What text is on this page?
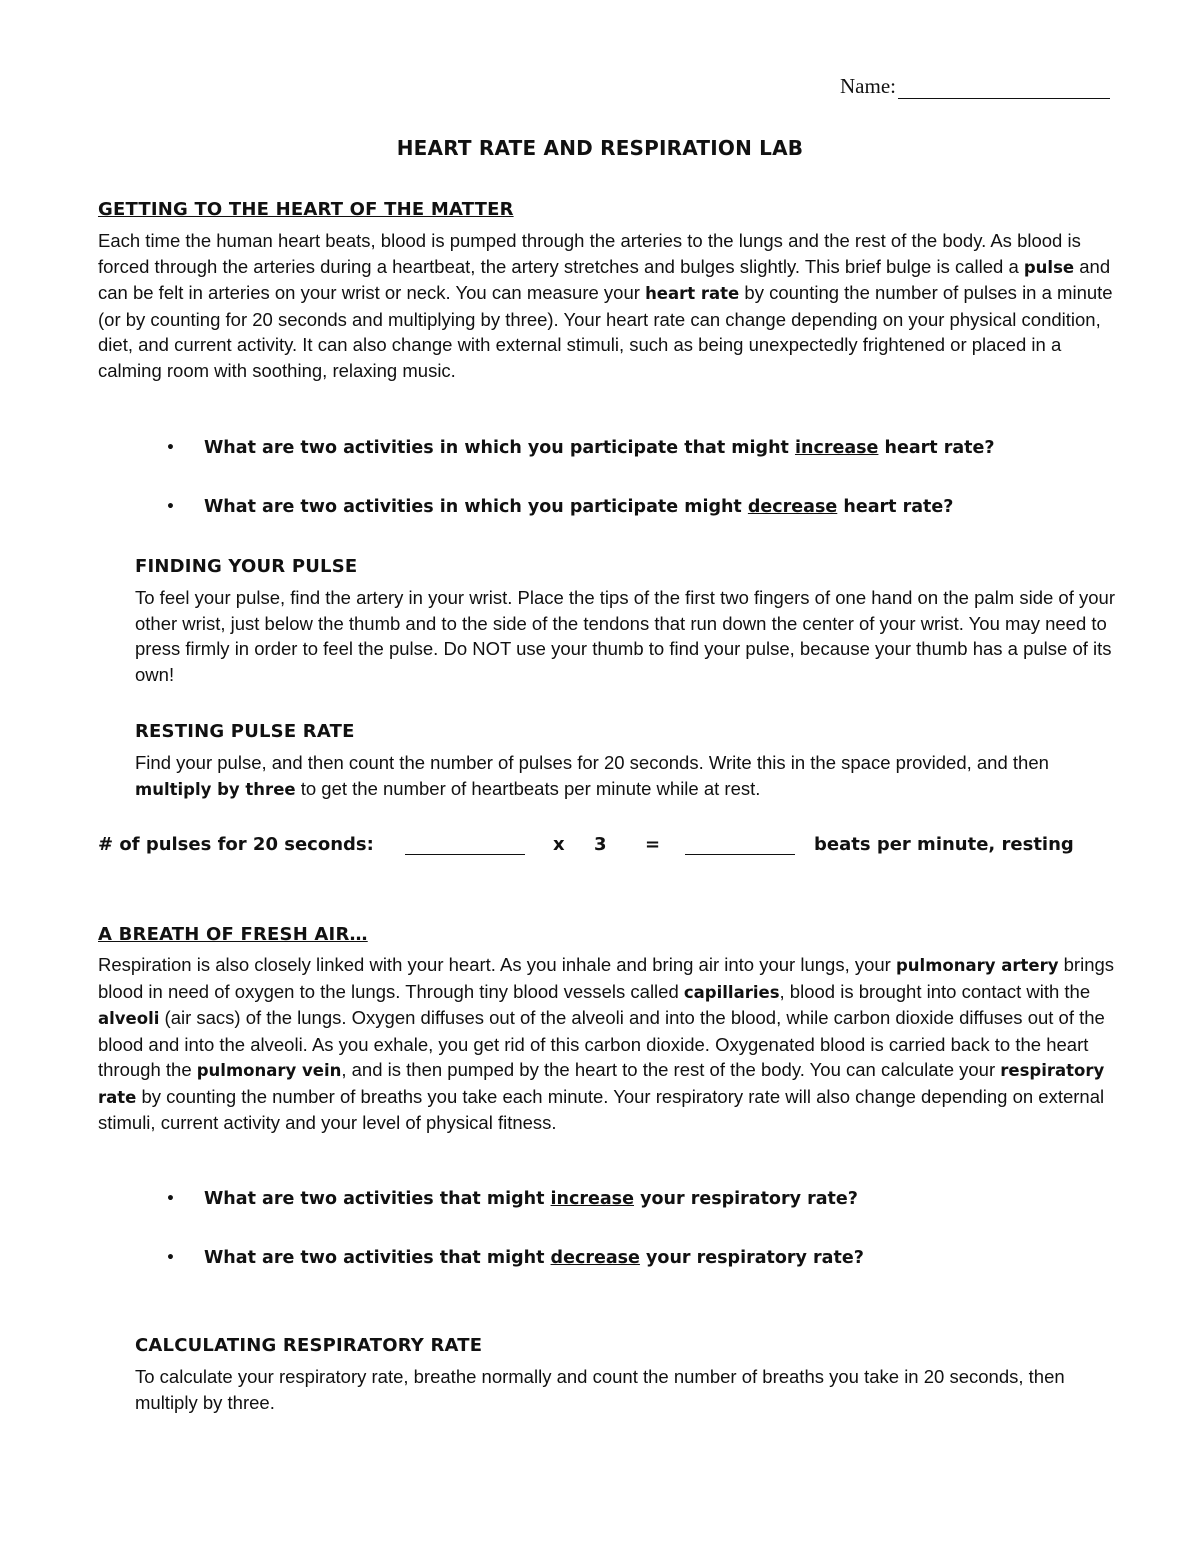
Name:
HEART RATE AND RESPIRATION LAB
GETTING TO THE HEART OF THE MATTER

Each time the human heart beats, blood is pumped through the arteries to the lungs and the rest of the body. As blood is forced through the arteries during a heartbeat, the artery stretches and bulges slightly. This brief bulge is called a pulse and can be felt in arteries on your wrist or neck. You can measure your heart rate by counting the number of pulses in a minute (or by counting for 20 seconds and multiplying by three). Your heart rate can change depending on your physical condition, diet, and current activity. It can also change with external stimuli, such as being unexpectedly frightened or placed in a calming room with soothing, relaxing music.

• What are two activities in which you participate that might increase heart rate?
• What are two activities in which you participate might decrease heart rate?
FINDING YOUR PULSE

To feel your pulse, find the artery in your wrist. Place the tips of the first two fingers of one hand on the palm side of your other wrist, just below the thumb and to the side of the tendons that run down the center of your wrist. You may need to press firmly in order to feel the pulse. Do NOT use your thumb to find your pulse, because your thumb has a pulse of its own!

RESTING PULSE RATE

Find your pulse, and then count the number of pulses for 20 seconds. Write this in the space provided, and then multiply by three to get the number of heartbeats per minute while at rest.

# of pulses for 20 seconds:	x 3 =	beats per minute, resting
A BREATH OF FRESH AIR…

Respiration is also closely linked with your heart. As you inhale and bring air into your lungs, your pulmonary artery brings blood in need of oxygen to the lungs. Through tiny blood vessels called capillaries, blood is brought into contact with the alveoli (air sacs) of the lungs. Oxygen diffuses out of the alveoli and into the blood, while carbon dioxide diffuses out of the blood and into the alveoli. As you exhale, you get rid of this carbon dioxide. Oxygenated blood is carried back to the heart through the pulmonary vein, and is then pumped by the heart to the rest of the body. You can calculate your respiratory rate by counting the number of breaths you take each minute. Your respiratory rate will also change depending on external stimuli, current activity and your level of physical fitness.

• What are two activities that might increase your respiratory rate?
• What are two activities that might decrease your respiratory rate?
CALCULATING RESPIRATORY RATE

To calculate your respiratory rate, breathe normally and count the number of breaths you take in 20 seconds, then multiply by three.
